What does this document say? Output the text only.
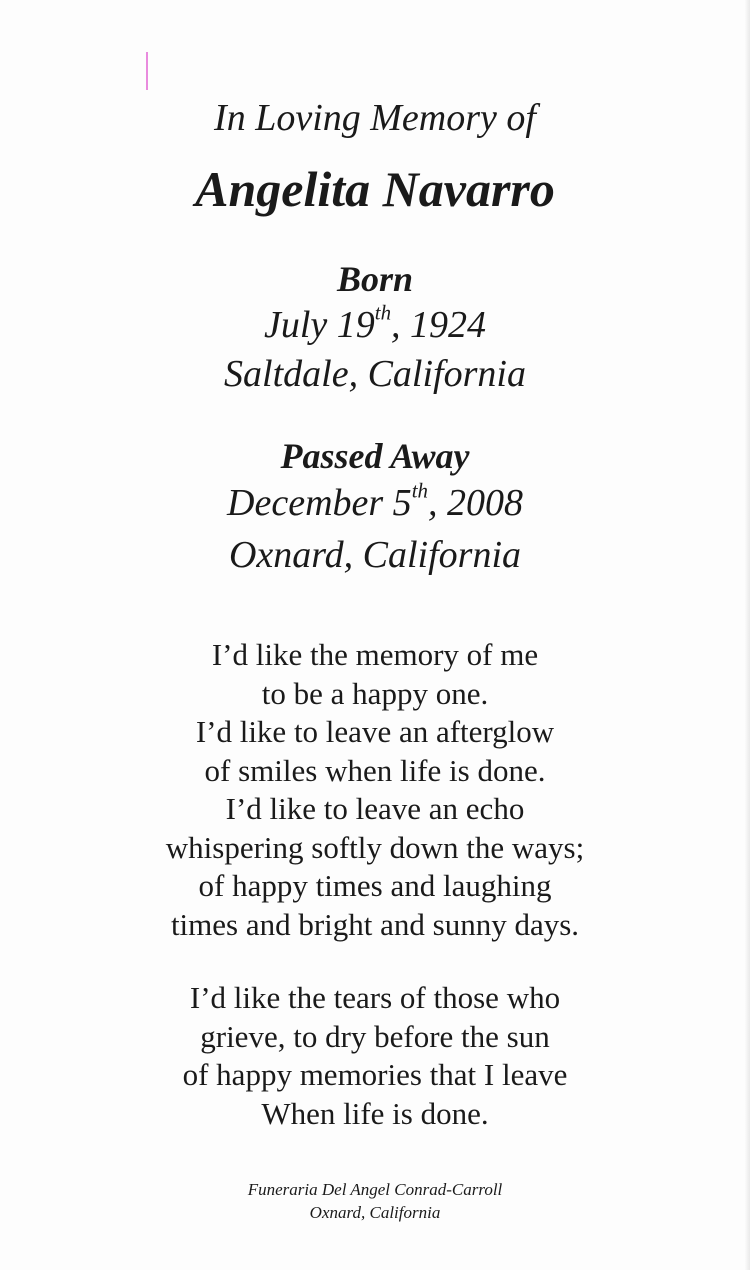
In Loving Memory of
Angelita Navarro
Born
July 19th, 1924
Saltdale, California
Passed Away
December 5th, 2008
Oxnard, California
I’d like the memory of me
to be a happy one.
I’d like to leave an afterglow
of smiles when life is done.
I’d like to leave an echo
whispering softly down the ways;
of happy times and laughing
times and bright and sunny days.
I’d like the tears of those who
grieve, to dry before the sun
of happy memories that I leave
When life is done.
Funeraria Del Angel Conrad-Carroll
Oxnard, California
